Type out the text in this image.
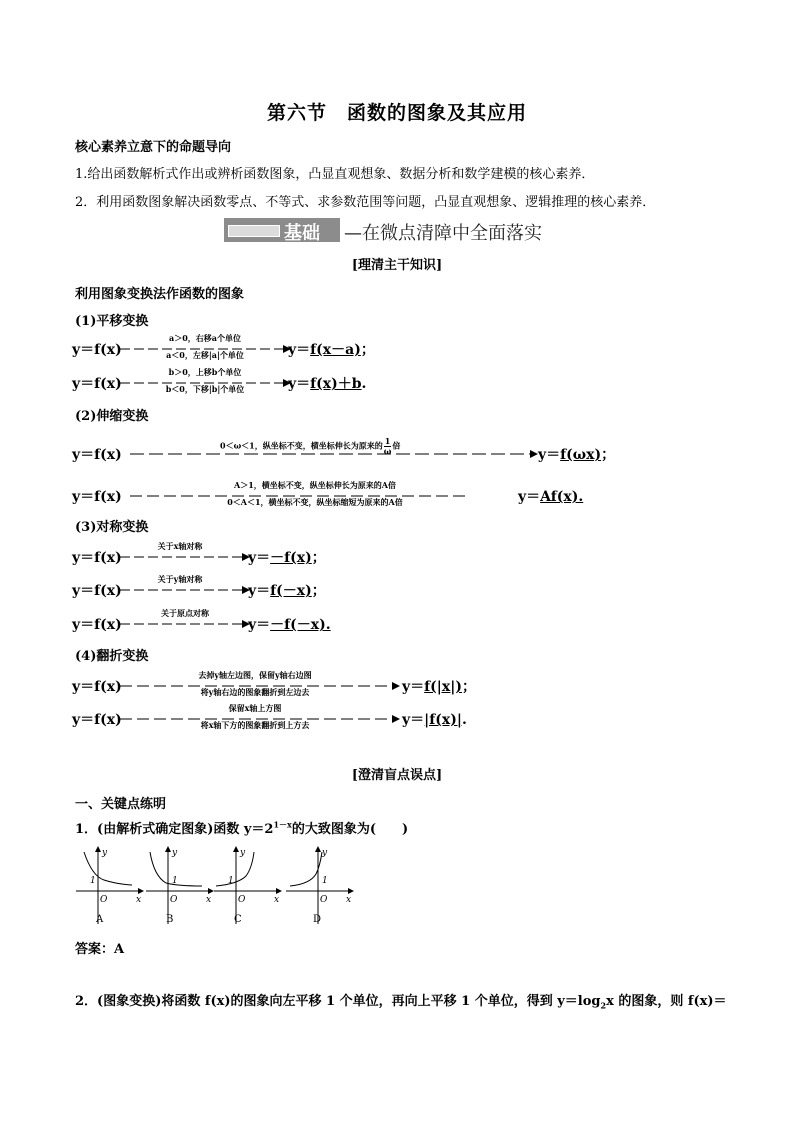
第六节　函数的图象及其应用
核心素养立意下的命题导向
1.给出函数解析式作出或辨析函数图象，凸显直观想象、数据分析和数学建模的核心素养．
2．利用函数图象解决函数零点、不等式、求参数范围等问题，凸显直观想象、逻辑推理的核心素养．
基础 —在微点清障中全面落实
[理清主干知识]
利用图象变换法作函数的图象
(1)平移变换
y＝f(x)
a＞0，右移a个单位
a＜0，左移|a|个单位	y＝f(x－a)；
y＝f(x)
b＞0，上移b个单位
b＜0，下移|b|个单位	y＝f(x)＋b.
(2)伸缩变换
y＝f(x)
0＜ω＜1，纵坐标不变，横坐标伸长为原来的 $\frac{1}{\omega}$ 倍
y＝f(ωx)；
y＝f(x)
A＞1，横坐标不变，纵坐标伸长为原来的A倍
0＜A＜1，横坐标不变，纵坐标缩短为原来的A倍	y＝Af(x).
(3)对称变换
y＝f(x)
关于x轴对称
y＝－f(x)；
y＝f(x)
关于y轴对称
y＝f(－x)；
y＝f(x)
关于原点对称
y＝－f(－x).
(4)翻折变换
y＝f(x)
去掉y轴左边图，保留y轴右边图
将y轴右边的图象翻折到左边去	y＝f(|x|)；
y＝f(x)
保留x轴上方图
将x轴下方的图象翻折到上方去	y＝|f(x)|.
[澄清盲点误点]
一、关键点练明
1．(由解析式确定图象)函数 $y=2^{1-x}$的大致图象为(　　)
y
x
O
1
A
y
x
O
1
B
y
x
O
1
C
y
x
O
1
D
答案：A
2．(图象变换)将函数 f(x)的图象向左平移 1 个单位，再向上平移 1 个单位，得到 $y=\log_2x$ 的图象，则 f(x)＝
